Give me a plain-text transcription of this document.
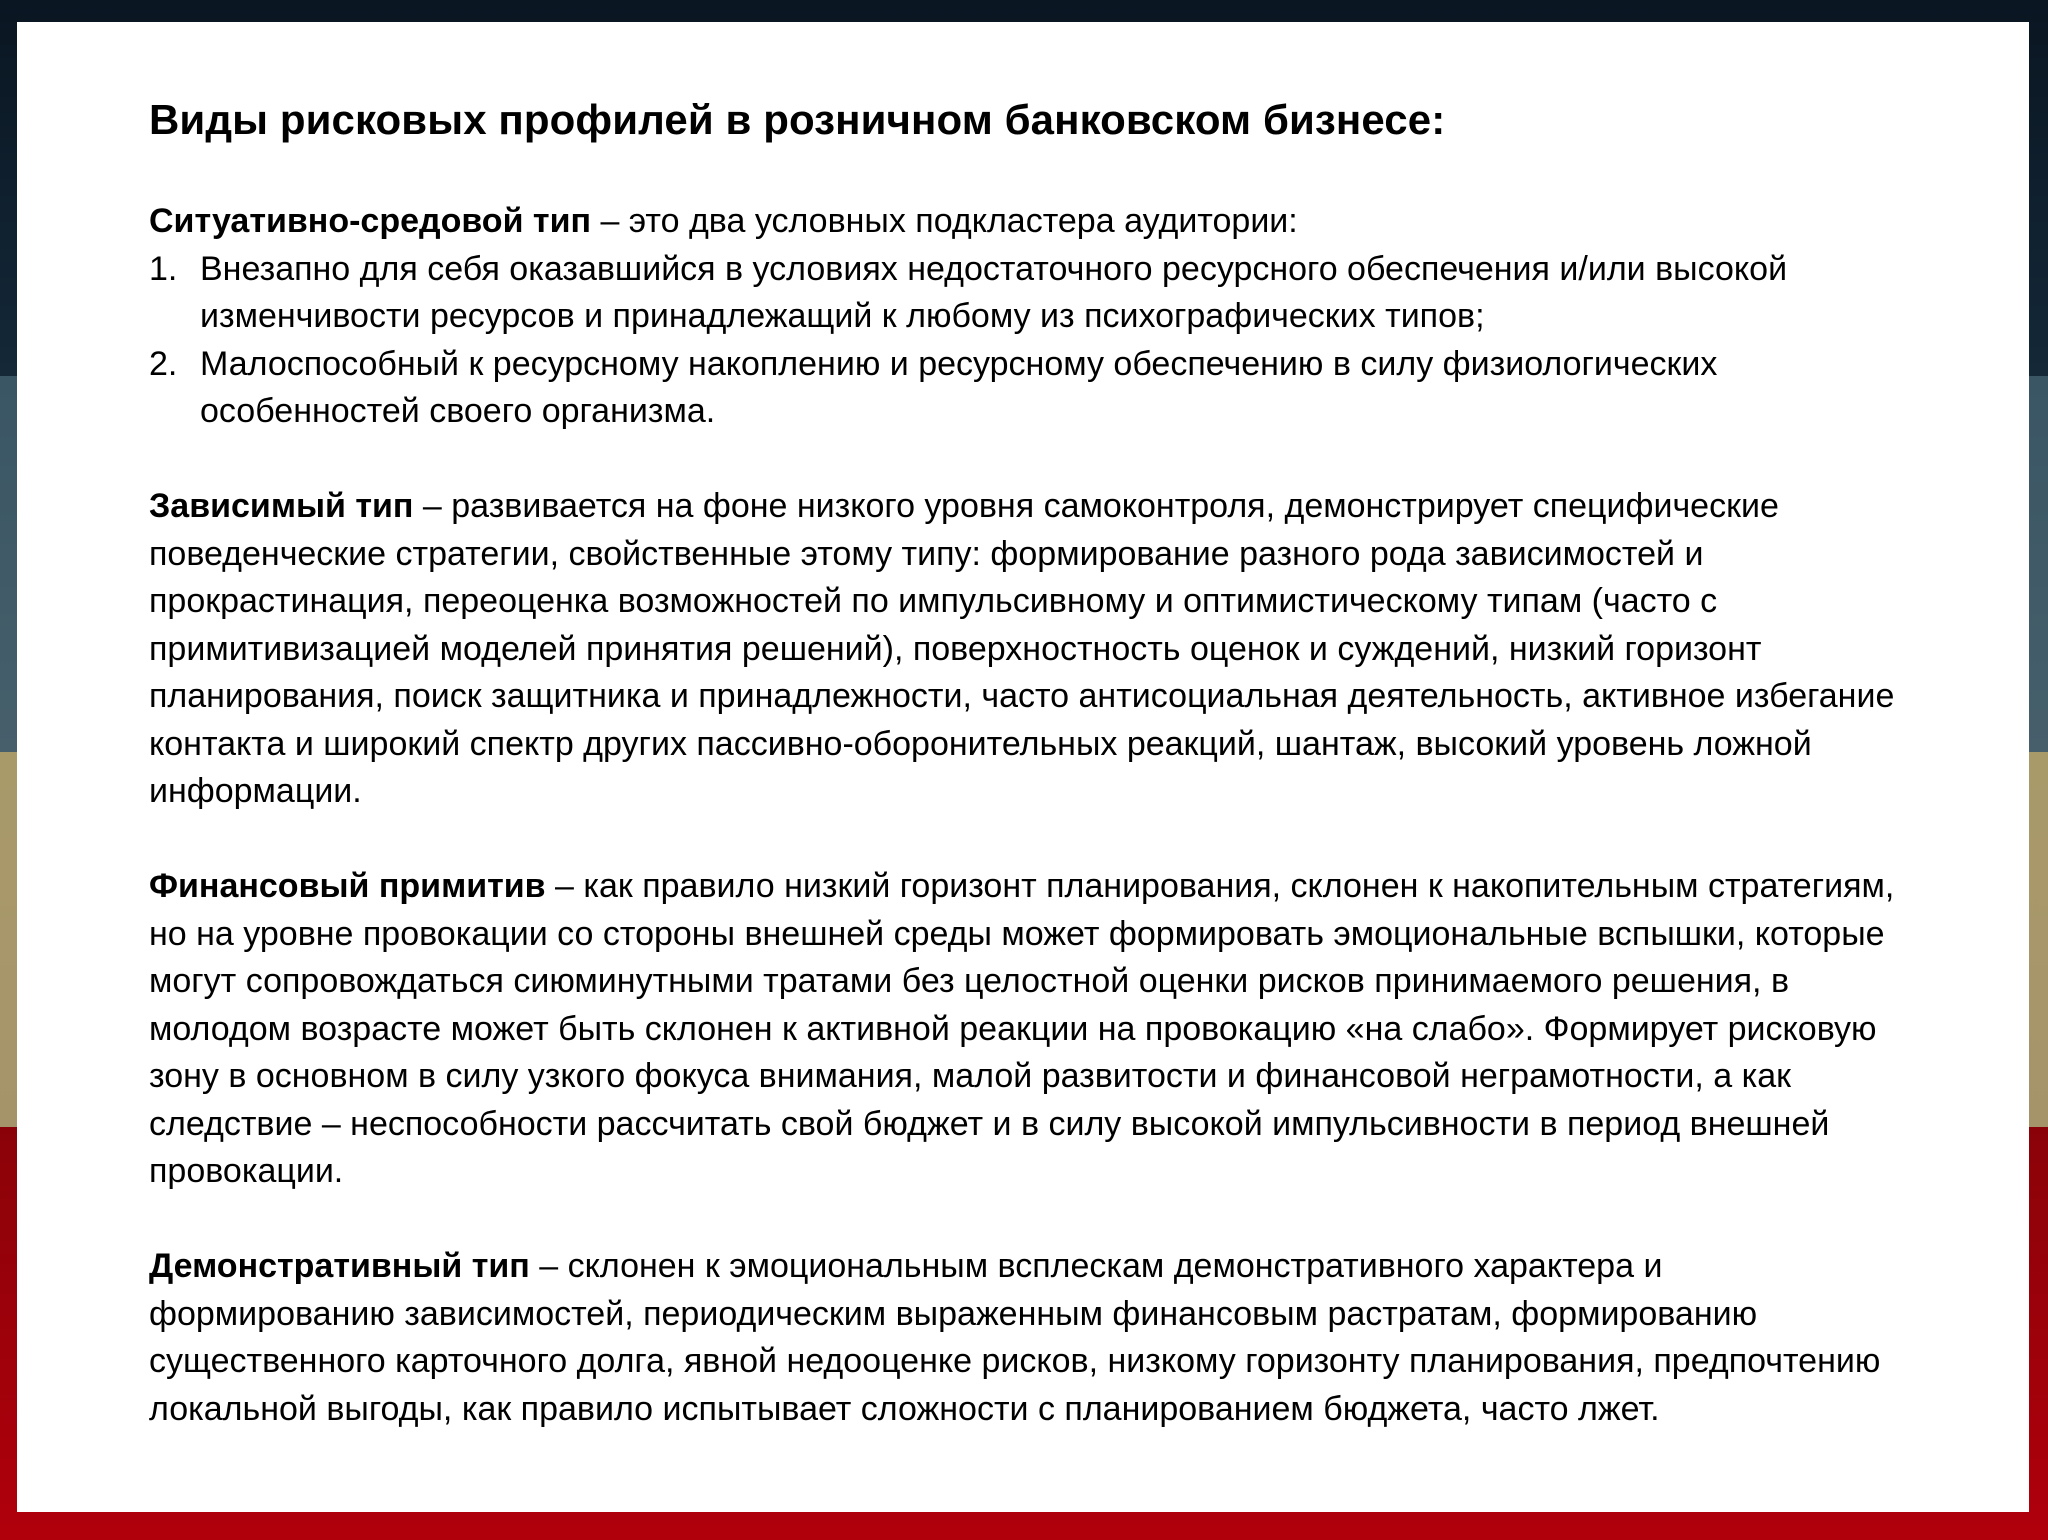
Виды рисковых профилей в розничном банковском бизнесе:

Ситуативно-средовой тип – это два условных подкластера аудитории:

1. Внезапно для себя оказавшийся в условиях недостаточного ресурсного обеспечения и/или высокой изменчивости ресурсов и принадлежащий к любому из психографических типов;
2. Малоспособный к ресурсному накоплению и ресурсному обеспечению в силу физиологических особенностей своего организма.

Зависимый тип – развивается на фоне низкого уровня самоконтроля, демонстрирует специфические поведенческие стратегии, свойственные этому типу: формирование разного рода зависимостей и прокрастинация, переоценка возможностей по импульсивному и оптимистическому типам (часто с примитивизацией моделей принятия решений), поверхностность оценок и суждений, низкий горизонт планирования, поиск защитника и принадлежности, часто антисоциальная деятельность, активное избегание контакта и широкий спектр других пассивно-оборонительных реакций, шантаж, высокий уровень ложной информации.

Финансовый примитив – как правило низкий горизонт планирования, склонен к накопительным стратегиям, но на уровне провокации со стороны внешней среды может формировать эмоциональные вспышки, которые могут сопровождаться сиюминутными тратами без целостной оценки рисков принимаемого решения, в молодом возрасте может быть склонен к активной реакции на провокацию «на слабо». Формирует рисковую зону в основном в силу узкого фокуса внимания, малой развитости и финансовой неграмотности, а как следствие – неспособности рассчитать свой бюджет и в силу высокой импульсивности в период внешней провокации.

Демонстративный тип – склонен к эмоциональным всплескам демонстративного характера и формированию зависимостей, периодическим выраженным финансовым растратам, формированию существенного карточного долга, явной недооценке рисков, низкому горизонту планирования, предпочтению локальной выгоды, как правило испытывает сложности с планированием бюджета, часто лжет.
